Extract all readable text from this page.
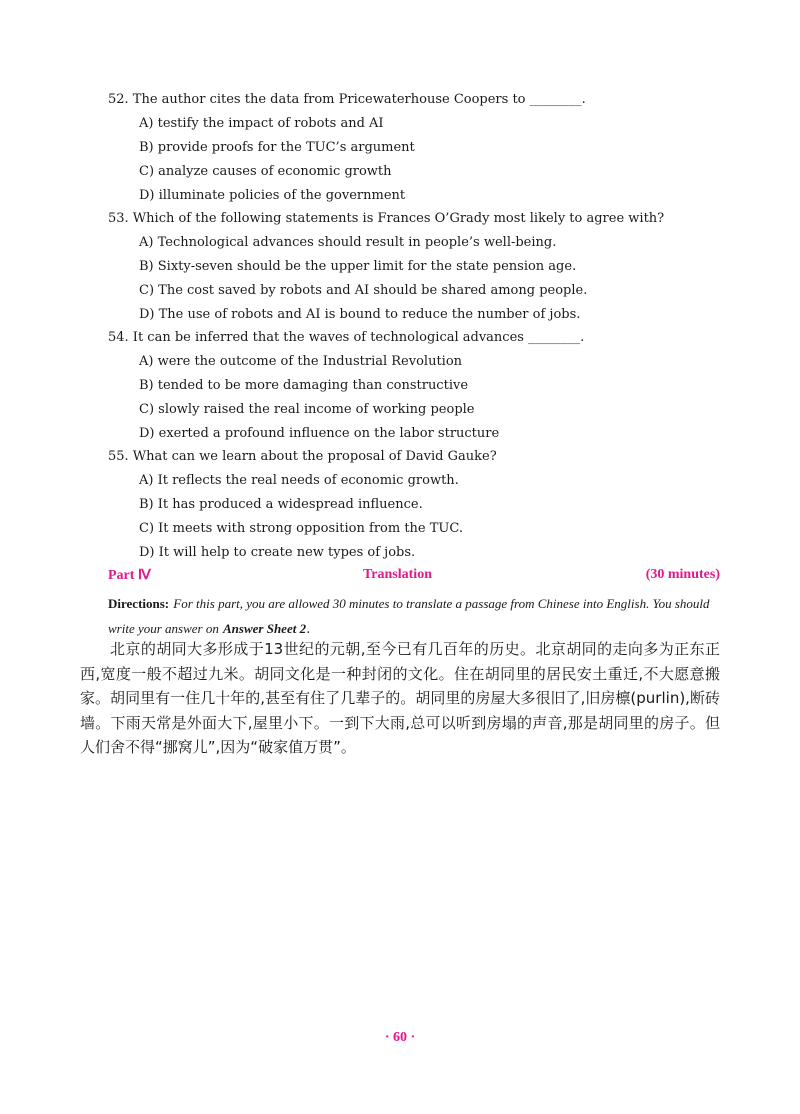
52. The author cites the data from Pricewaterhouse Coopers to ________.
A) testify the impact of robots and AI
B) provide proofs for the TUC’s argument
C) analyze causes of economic growth
D) illuminate policies of the government
53. Which of the following statements is Frances O’Grady most likely to agree with?
A) Technological advances should result in people’s well-being.
B) Sixty-seven should be the upper limit for the state pension age.
C) The cost saved by robots and AI should be shared among people.
D) The use of robots and AI is bound to reduce the number of jobs.
54. It can be inferred that the waves of technological advances ________.
A) were the outcome of the Industrial Revolution
B) tended to be more damaging than constructive
C) slowly raised the real income of working people
D) exerted a profound influence on the labor structure
55. What can we learn about the proposal of David Gauke?
A) It reflects the real needs of economic growth.
B) It has produced a widespread influence.
C) It meets with strong opposition from the TUC.
D) It will help to create new types of jobs.
Part Ⅳ	Translation	(30 minutes)
Directions: For this part, you are allowed 30 minutes to translate a passage from Chinese into English. You should write your answer on Answer Sheet 2.
北京的胡同大多形成于13世纪的元朝,至今已有几百年的历史。北京胡同的走向多为正东正西,宽度一般不超过九米。胡同文化是一种封闭的文化。住在胡同里的居民安土重迁,不大愿意搬家。胡同里有一住几十年的,甚至有住了几辈子的。胡同里的房屋大多很旧了,旧房檩(purlin),断砖墙。下雨天常是外面大下,屋里小下。一到下大雨,总可以听到房塌的声音,那是胡同里的房子。但人们舍不得“挪窝儿”,因为“破家值万贯”。
· 60 ·
